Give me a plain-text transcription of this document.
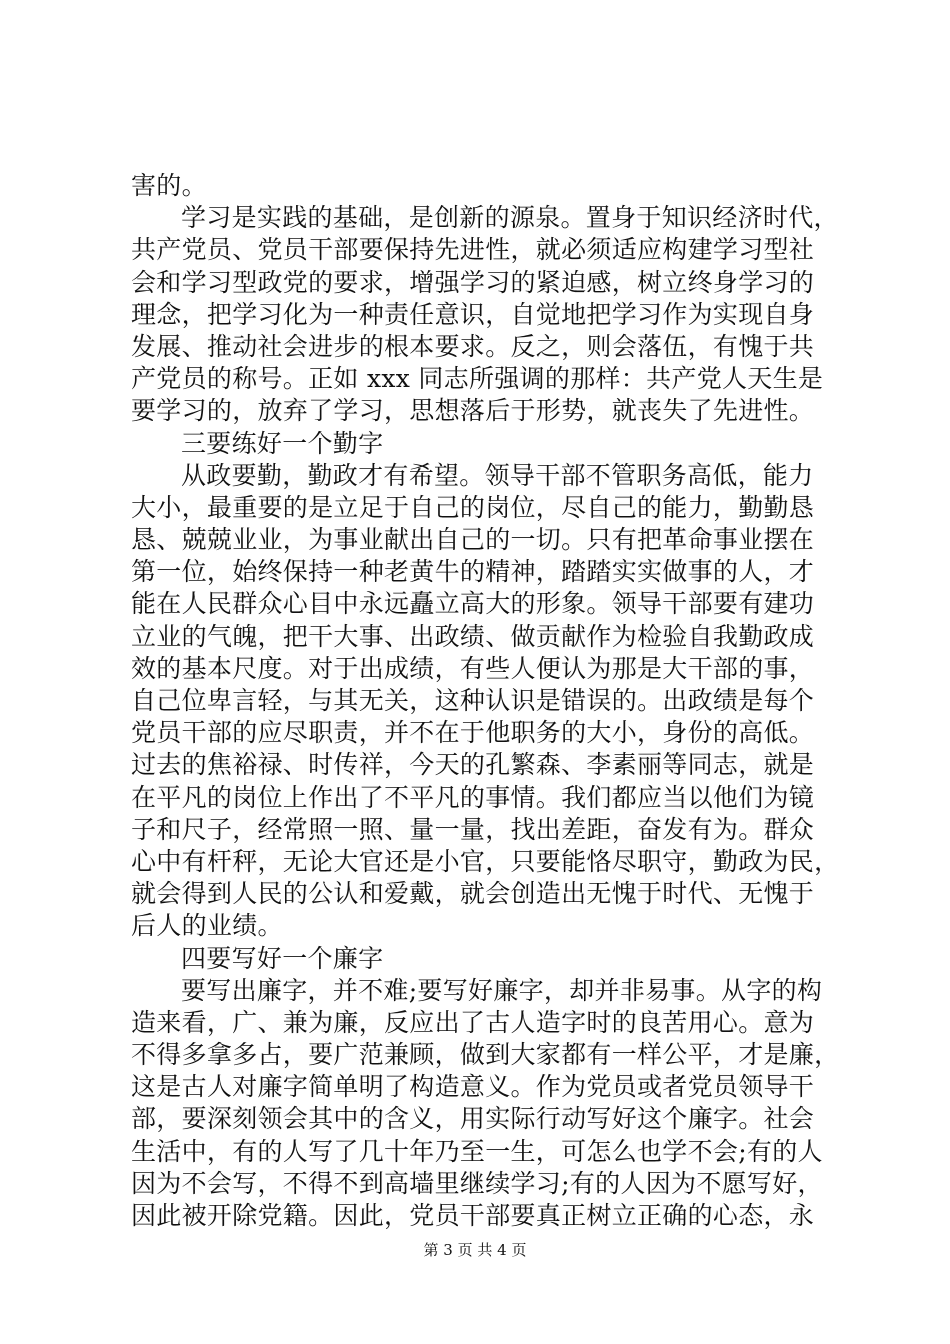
害的。
学习是实践的基础，是创新的源泉。置身于知识经济时代，
共产党员、党员干部要保持先进性，就必须适应构建学习型社
会和学习型政党的要求，增强学习的紧迫感，树立终身学习的
理念，把学习化为一种责任意识，自觉地把学习作为实现自身
发展、推动社会进步的根本要求。反之，则会落伍，有愧于共
产党员的称号。正如 xxx 同志所强调的那样：共产党人天生是
要学习的，放弃了学习，思想落后于形势，就丧失了先进性。
三要练好一个勤字
从政要勤，勤政才有希望。领导干部不管职务高低，能力
大小，最重要的是立足于自己的岗位，尽自己的能力，勤勤恳
恳、兢兢业业，为事业献出自己的一切。只有把革命事业摆在
第一位，始终保持一种老黄牛的精神，踏踏实实做事的人，才
能在人民群众心目中永远矗立高大的形象。领导干部要有建功
立业的气魄，把干大事、出政绩、做贡献作为检验自我勤政成
效的基本尺度。对于出成绩，有些人便认为那是大干部的事，
自己位卑言轻，与其无关，这种认识是错误的。出政绩是每个
党员干部的应尽职责，并不在于他职务的大小，身份的高低。
过去的焦裕禄、时传祥，今天的孔繁森、李素丽等同志，就是
在平凡的岗位上作出了不平凡的事情。我们都应当以他们为镜
子和尺子，经常照一照、量一量，找出差距，奋发有为。群众
心中有杆秤，无论大官还是小官，只要能恪尽职守，勤政为民，
就会得到人民的公认和爱戴，就会创造出无愧于时代、无愧于
后人的业绩。
四要写好一个廉字
要写出廉字，并不难;要写好廉字，却并非易事。从字的构
造来看，广、兼为廉，反应出了古人造字时的良苦用心。意为
不得多拿多占，要广范兼顾，做到大家都有一样公平，才是廉，
这是古人对廉字简单明了构造意义。作为党员或者党员领导干
部，要深刻领会其中的含义，用实际行动写好这个廉字。社会
生活中，有的人写了几十年乃至一生，可怎么也学不会;有的人
因为不会写，不得不到高墙里继续学习;有的人因为不愿写好，
因此被开除党籍。因此，党员干部要真正树立正确的心态，永
第 3 页 共 4 页
